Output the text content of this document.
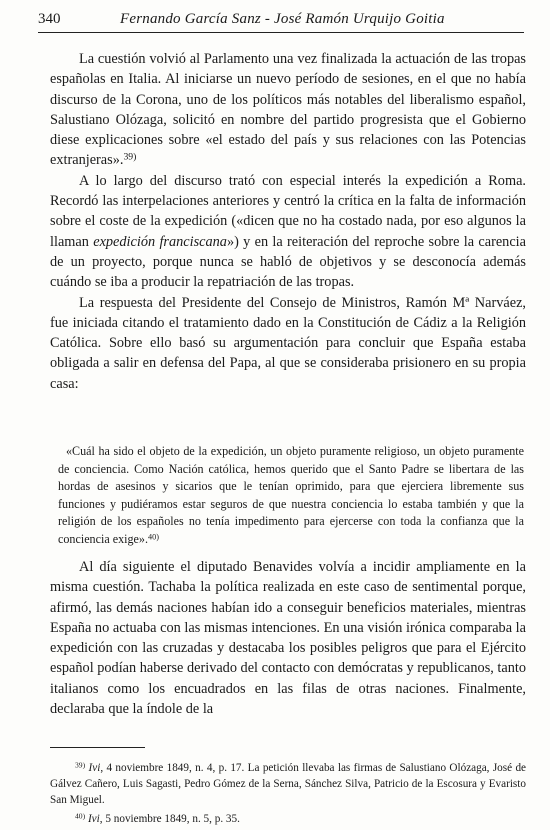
340	Fernando García Sanz - José Ramón Urquijo Goitia

La cuestión volvió al Parlamento una vez finalizada la actuación de las tropas españolas en Italia. Al iniciarse un nuevo período de sesiones, en el que no había discurso de la Corona, uno de los políticos más notables del liberalismo español, Salustiano Olózaga, solicitó en nombre del partido progresista que el Gobierno diese explicaciones sobre «el estado del país y sus relaciones con las Potencias extranjeras».$^{39)}$

A lo largo del discurso trató con especial interés la expedición a Roma. Recordó las interpelaciones anteriores y centró la crítica en la falta de información sobre el coste de la expedición («dicen que no ha costado nada, por eso algunos la llaman expedición franciscana») y en la reiteración del reproche sobre la carencia de un proyecto, porque nunca se habló de objetivos y se desconocía además cuándo se iba a producir la repatriación de las tropas.

La respuesta del Presidente del Consejo de Ministros, Ramón Mª Narváez, fue iniciada citando el tratamiento dado en la Constitución de Cádiz a la Religión Católica. Sobre ello basó su argumentación para concluir que España estaba obligada a salir en defensa del Papa, al que se consideraba prisionero en su propia casa:

«Cuál ha sido el objeto de la expedición, un objeto puramente religioso, un objeto puramente de conciencia. Como Nación católica, hemos querido que el Santo Padre se libertara de las hordas de asesinos y sicarios que le tenían oprimido, para que ejerciera libremente sus funciones y pudiéramos estar seguros de que nuestra conciencia lo estaba también y que la religión de los españoles no tenía impedimento para ejercerse con toda la confianza que la conciencia exige».$^{40)}$

Al día siguiente el diputado Benavides volvía a incidir ampliamente en la misma cuestión. Tachaba la política realizada en este caso de sentimental porque, afirmó, las demás naciones habían ido a conseguir beneficios materiales, mientras España no actuaba con las mismas intenciones. En una visión irónica comparaba la expedición con las cruzadas y destacaba los posibles peligros que para el Ejército español podían haberse derivado del contacto con demócratas y republicanos, tanto italianos como los encuadrados en las filas de otras naciones. Finalmente, declaraba que la índole de la

$^{39)}$ Ivi, 4 noviembre 1849, n. 4, p. 17. La petición llevaba las firmas de Salustiano Olózaga, José de Gálvez Cañero, Luis Sagasti, Pedro Gómez de la Serna, Sánchez Silva, Patricio de la Escosura y Evaristo San Miguel.

$^{40)}$ Ivi, 5 noviembre 1849, n. 5, p. 35.
